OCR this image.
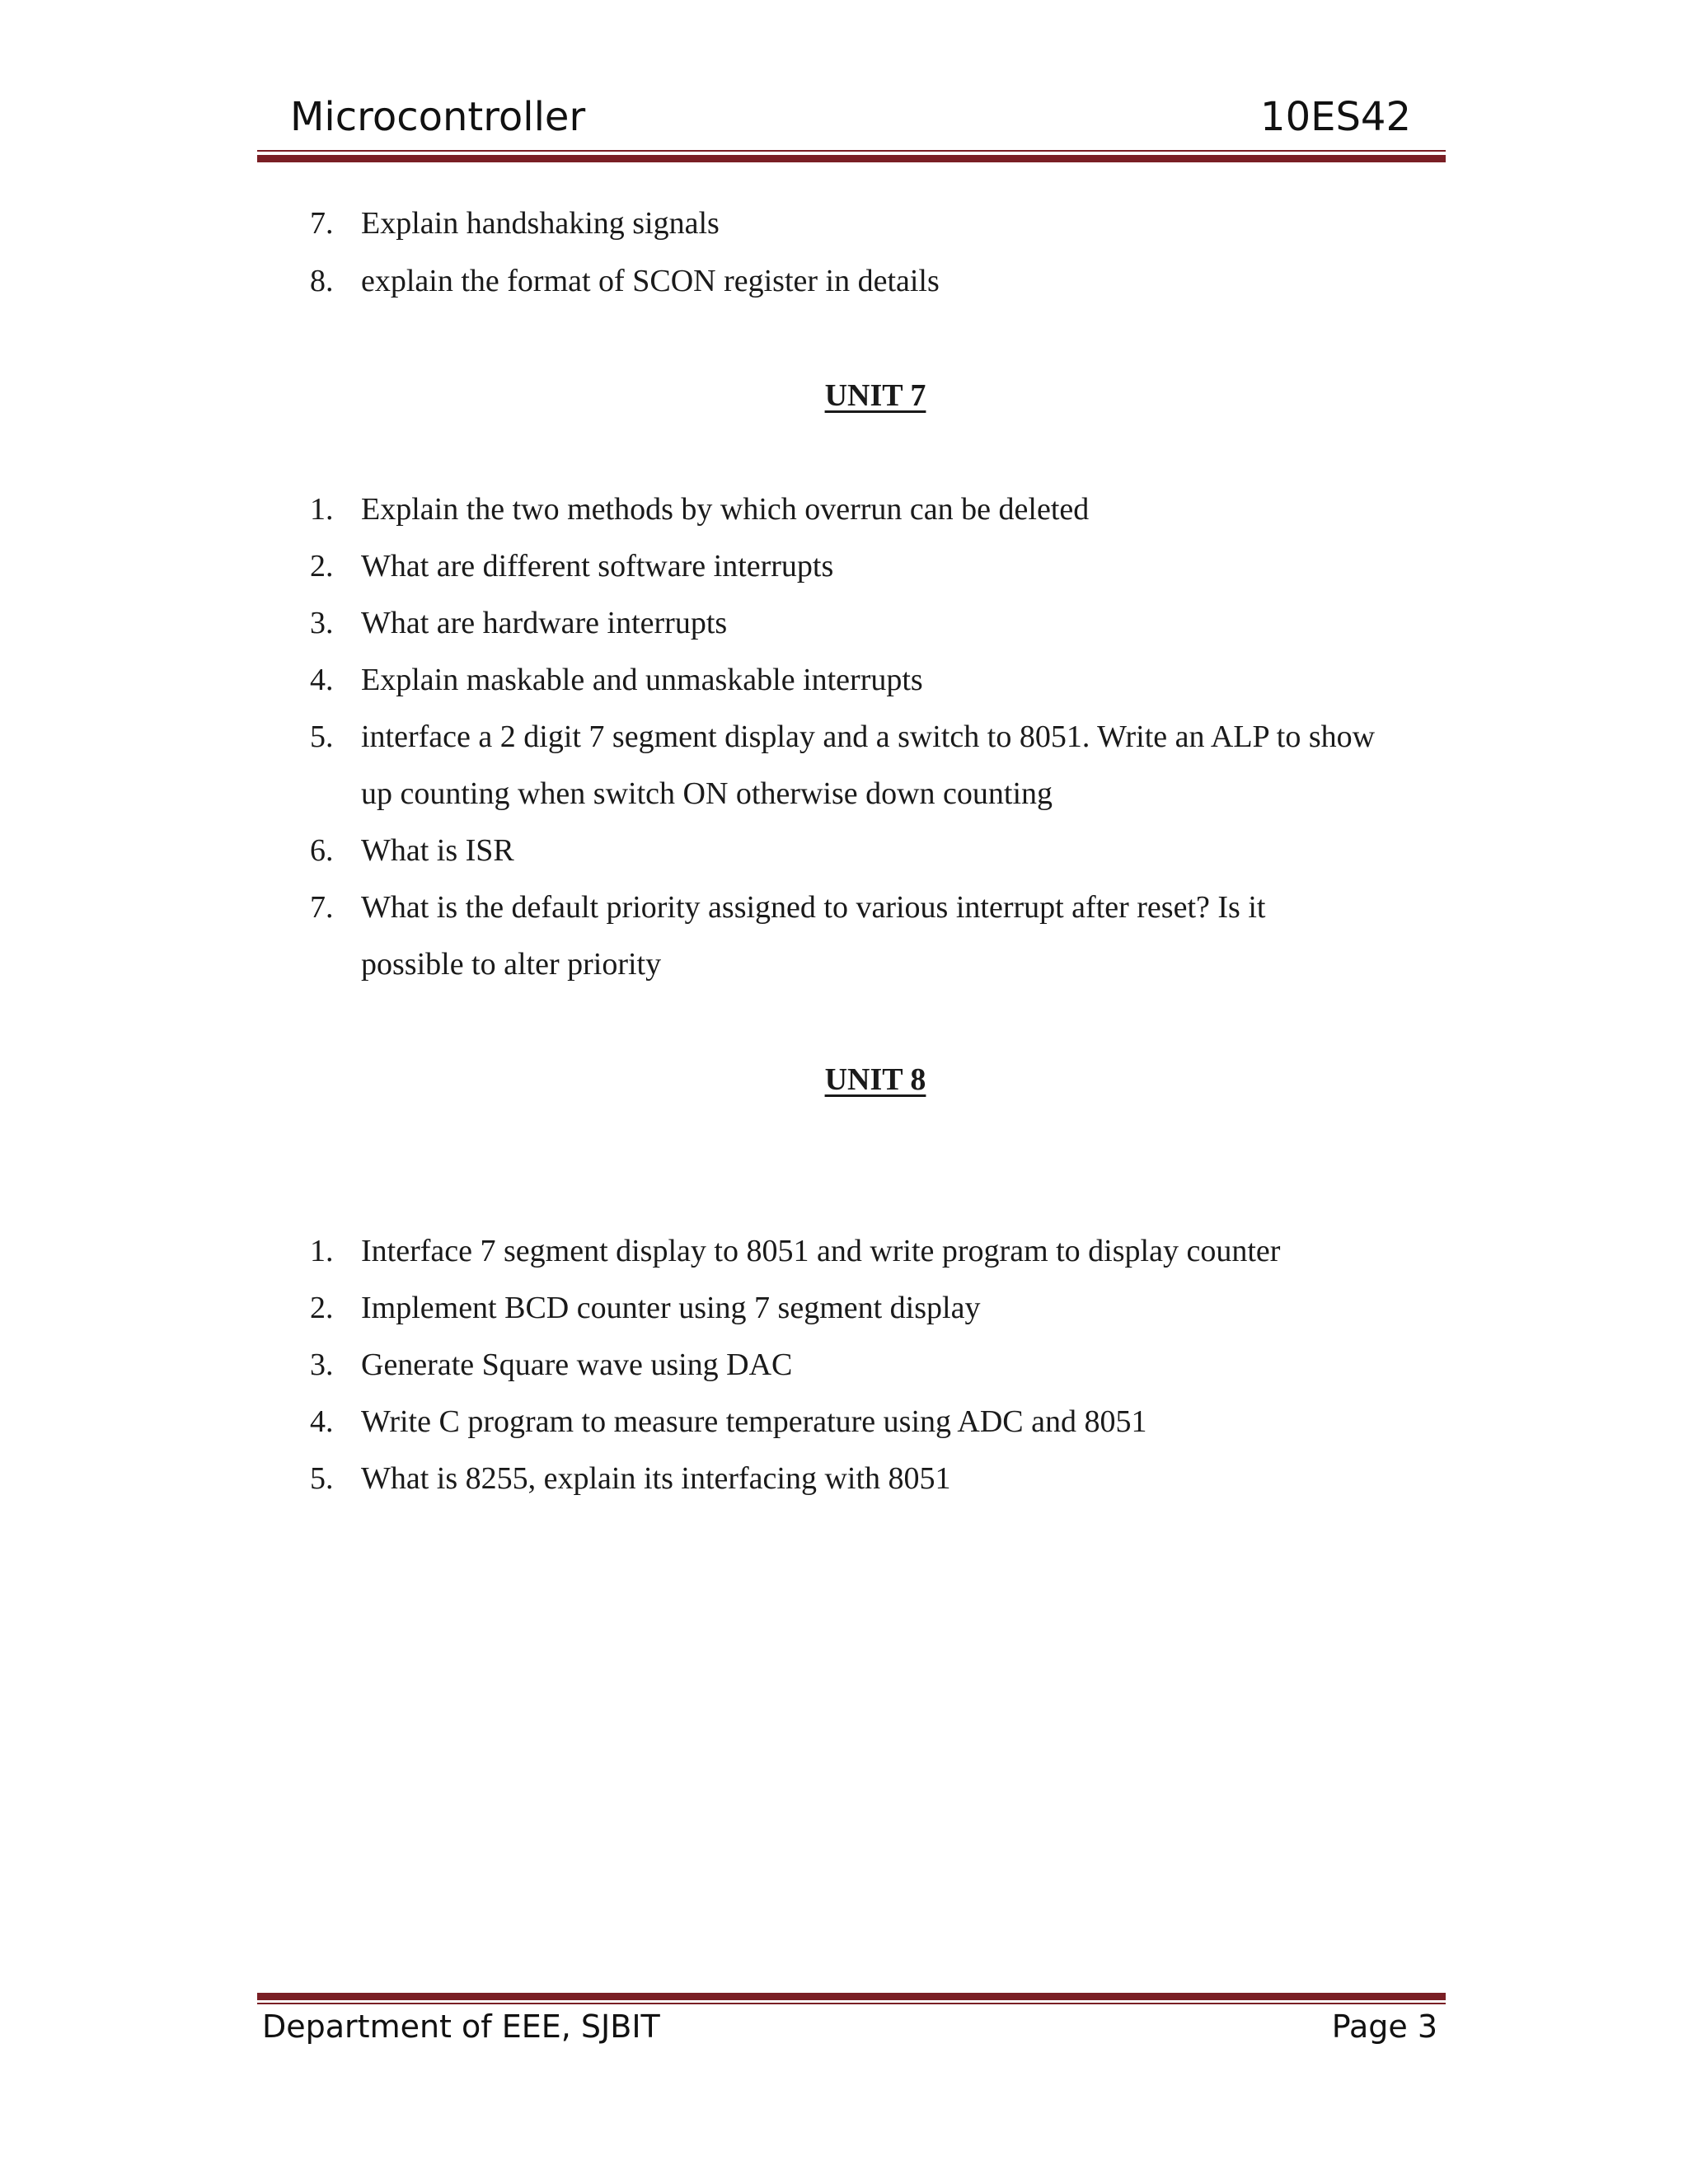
Microcontroller	10ES42
7. Explain handshaking signals
8. explain the format of SCON register in details
UNIT 7
1. Explain the two methods by which overrun can be deleted
2. What are different software interrupts
3. What are hardware interrupts
4. Explain maskable and unmaskable interrupts
5. interface a 2 digit 7 segment display and a switch to 8051. Write an ALP to show
up counting when switch ON otherwise down counting
6. What is ISR
7. What is the default priority assigned to various interrupt after reset? Is it
possible to alter priority
UNIT 8
1. Interface 7 segment display to 8051 and write program to display counter
2. Implement BCD counter using 7 segment display
3. Generate Square wave using DAC
4. Write C program to measure temperature using ADC and 8051
5. What is 8255, explain its interfacing with 8051
Department of EEE, SJBIT	Page 3
